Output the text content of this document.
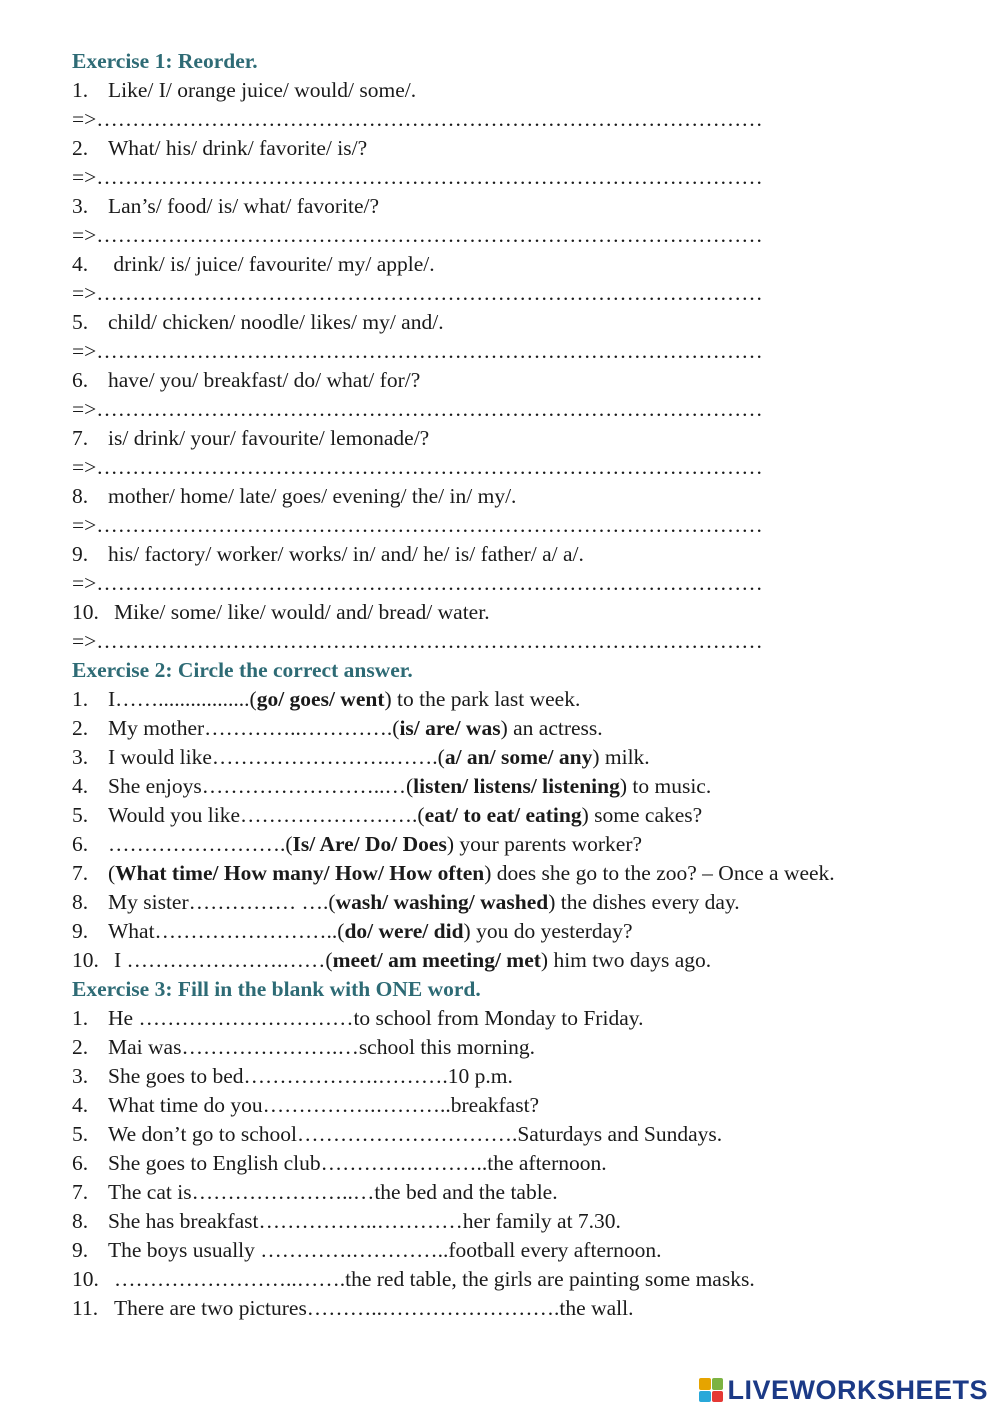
Exercise 1: Reorder.
1. Like/ I/ orange juice/ would/ some/.
=>…………………………………………………………………………………
2. What/ his/ drink/ favorite/ is/?
=>…………………………………………………………………………………
3. Lan’s/ food/ is/ what/ favorite/?
=>…………………………………………………………………………………
4. drink/ is/ juice/ favourite/ my/ apple/.
=>…………………………………………………………………………………
5. child/ chicken/ noodle/ likes/ my/ and/.
=>…………………………………………………………………………………
6. have/ you/ breakfast/ do/ what/ for/?
=>…………………………………………………………………………………
7. is/ drink/ your/ favourite/ lemonade/?
=>…………………………………………………………………………………
8. mother/ home/ late/ goes/ evening/ the/ in/ my/.
=>…………………………………………………………………………………
9. his/ factory/ worker/ works/ in/ and/ he/ is/ father/ a/ a/.
=>…………………………………………………………………………………
10. Mike/ some/ like/ would/ and/ bread/ water.
=>…………………………………………………………………………………
Exercise 2: Circle the correct answer.
1. I…….................(go/ goes/ went) to the park last week.
2. My mother…………..………….(is/ are/ was) an actress.
3. I would like…………………….…….(a/ an/ some/ any) milk.
4. She enjoys……………………..…(listen/ listens/ listening) to music.
5. Would you like…………………….(eat/ to eat/ eating) some cakes?
6. …………………….(Is/ Are/ Do/ Does) your parents worker?
7. (What time/ How many/ How/ How often) does she go to the zoo? – Once a week.
8. My sister…………… ….(wash/ washing/ washed) the dishes every day.
9. What……………………..(do/ were/ did) you do yesterday?
10. I ………………….……(meet/ am meeting/ met) him two days ago.
Exercise 3: Fill in the blank with ONE word.
1. He …………………………to school from Monday to Friday.
2. Mai was………………….…school this morning.
3. She goes to bed……………….……….10 p.m.
4. What time do you…………….………..breakfast?
5. We don’t go to school………………………….Saturdays and Sundays.
6. She goes to English club………….………..the afternoon.
7. The cat is…………………..…the bed and the table.
8. She has breakfast……………..…………her family at 7.30.
9. The boys usually ………….…………..football every afternoon.
10. ……………………..…….the red table, the girls are painting some masks.
11. There are two pictures………..…………………….the wall.
LIVEWORKSHEETS
